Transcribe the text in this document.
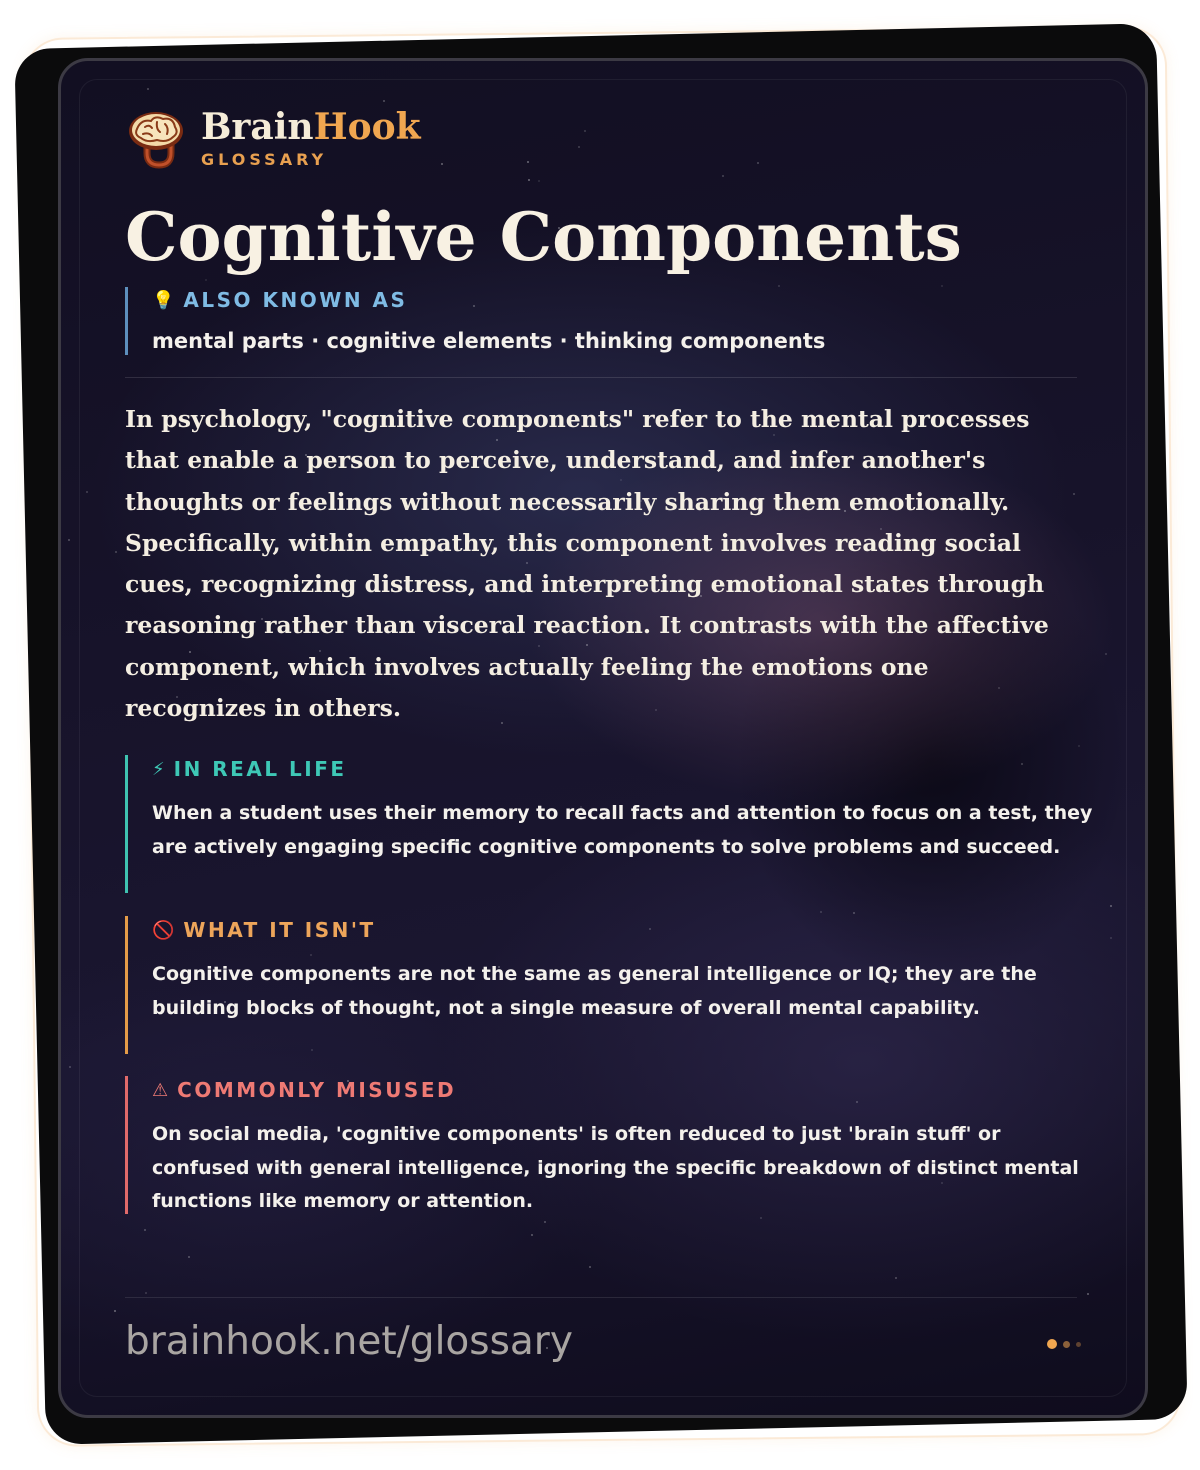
BrainHook
GLOSSARY
Cognitive Components
💡 ALSO KNOWN AS
mental parts · cognitive elements · thinking components

In psychology, "cognitive components" refer to the mental processes that enable a person to perceive, understand, and infer another's thoughts or feelings without necessarily sharing them emotionally. Specifically, within empathy, this component involves reading social cues, recognizing distress, and interpreting emotional states through reasoning rather than visceral reaction. It contrasts with the affective component, which involves actually feeling the emotions one recognizes in others.

⚡ IN REAL LIFE
When a student uses their memory to recall facts and attention to focus on a test, they are actively engaging specific cognitive components to solve problems and succeed.
🚫 WHAT IT ISN'T
Cognitive components are not the same as general intelligence or IQ; they are the building blocks of thought, not a single measure of overall mental capability.
⚠ COMMONLY MISUSED
On social media, 'cognitive components' is often reduced to just 'brain stuff' or confused with general intelligence, ignoring the specific breakdown of distinct mental functions like memory or attention.
brainhook.net/glossary
